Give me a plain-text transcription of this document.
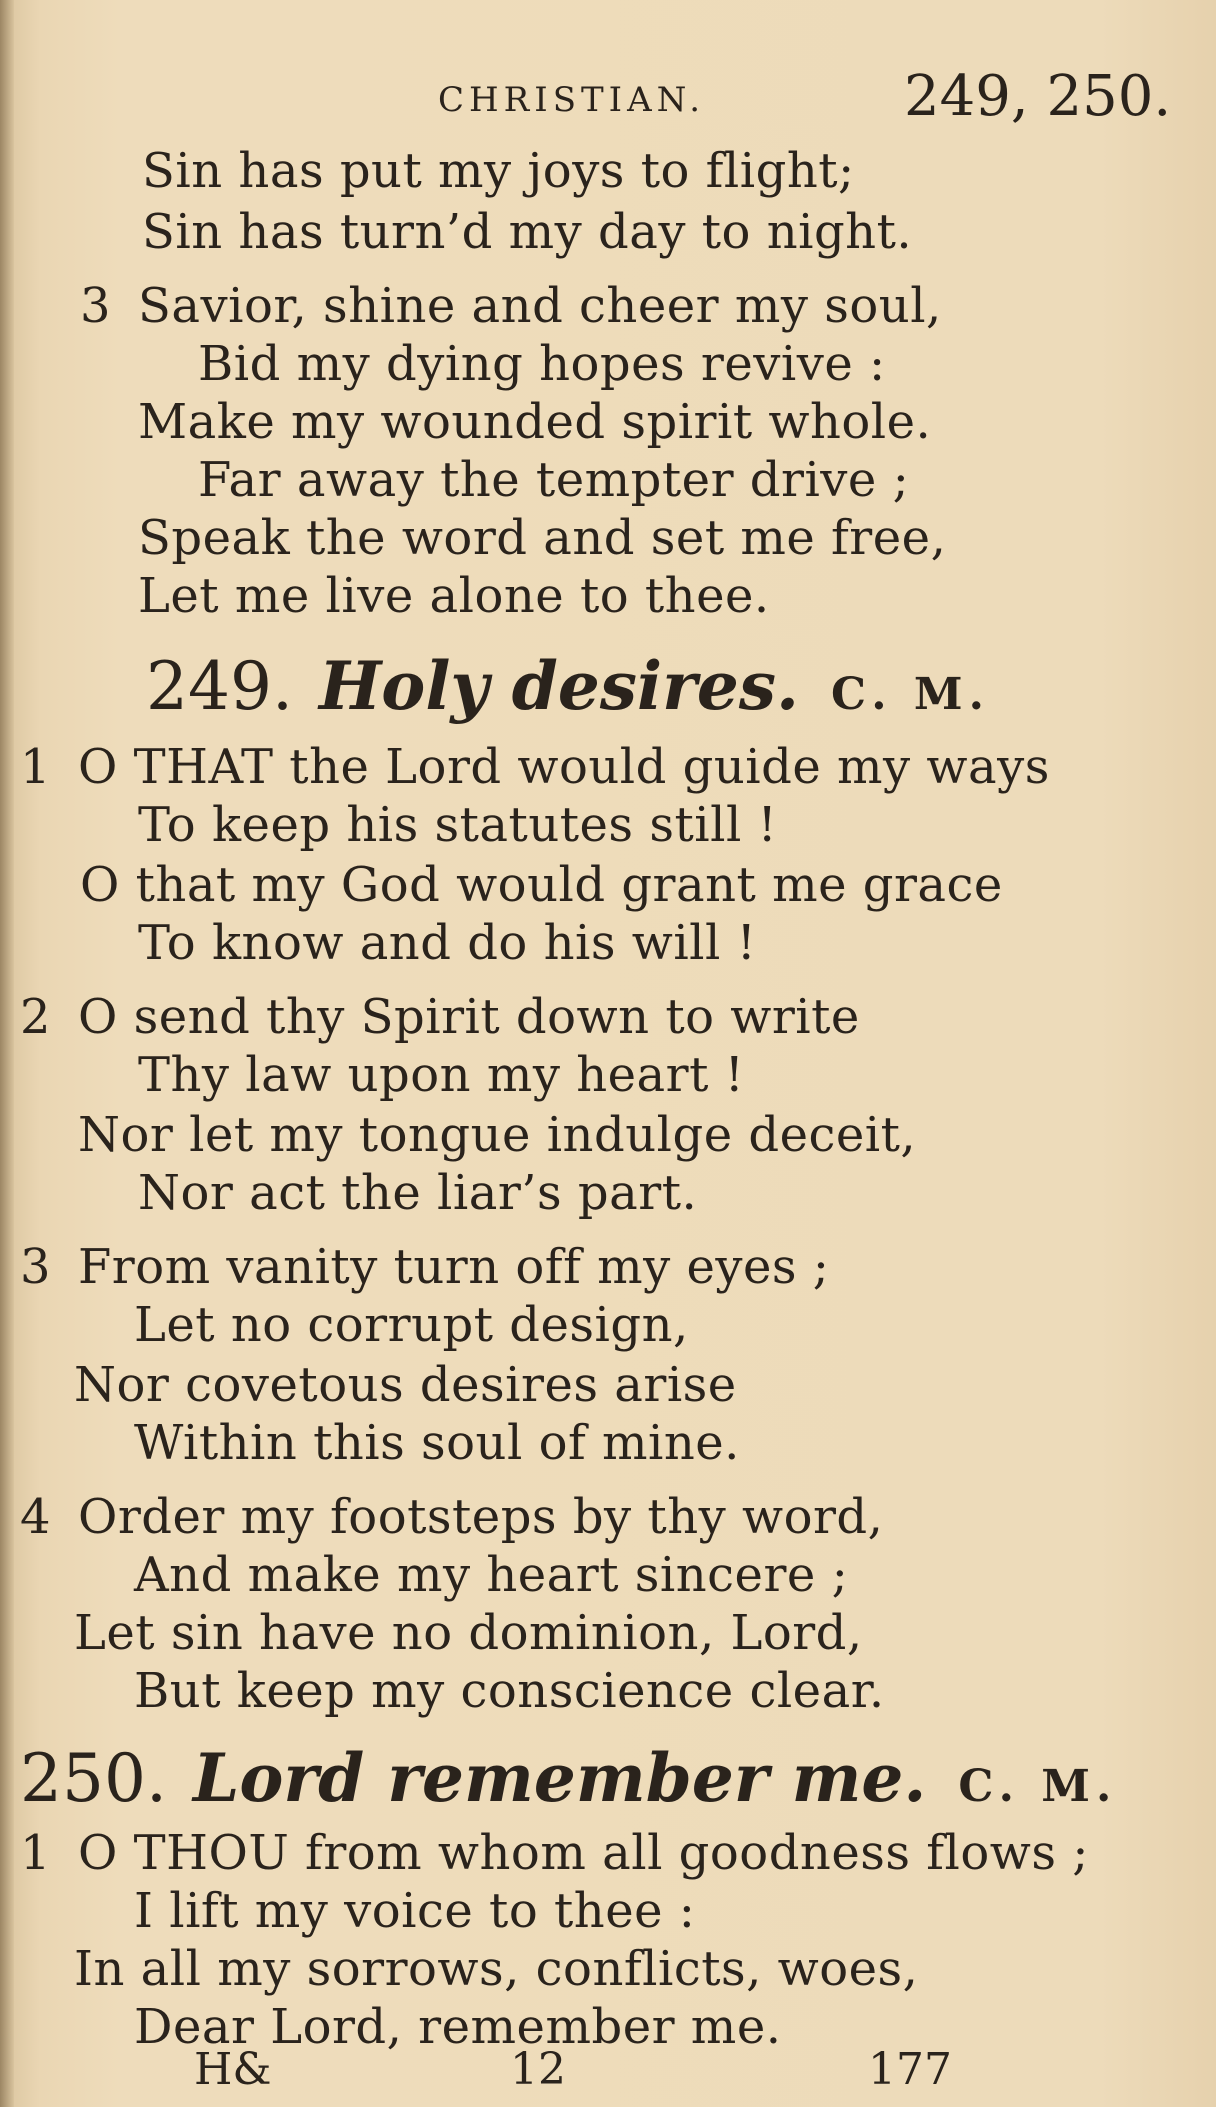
CHRISTIAN.	249, 250.
Sin has put my joys to flight;
Sin has turn’d my day to night.
3 Savior, shine and cheer my soul,
Bid my dying hopes revive :
Make my wounded spirit whole.
Far away the tempter drive ;
Speak the word and set me free,
Let me live alone to thee.
249. Holy desires. C. M.
1 O THAT the Lord would guide my ways
To keep his statutes still !
O that my God would grant me grace
To know and do his will !
2 O send thy Spirit down to write
Thy law upon my heart !
Nor let my tongue indulge deceit,
Nor act the liar’s part.
3 From vanity turn off my eyes ;
Let no corrupt design,
Nor covetous desires arise
Within this soul of mine.
4 Order my footsteps by thy word,
And make my heart sincere ;
Let sin have no dominion, Lord,
But keep my conscience clear.
250. Lord remember me. C. M.
1 O THOU from whom all goodness flows ;
I lift my voice to thee :
In all my sorrows, conflicts, woes,
Dear Lord, remember me.
H&	12	177
